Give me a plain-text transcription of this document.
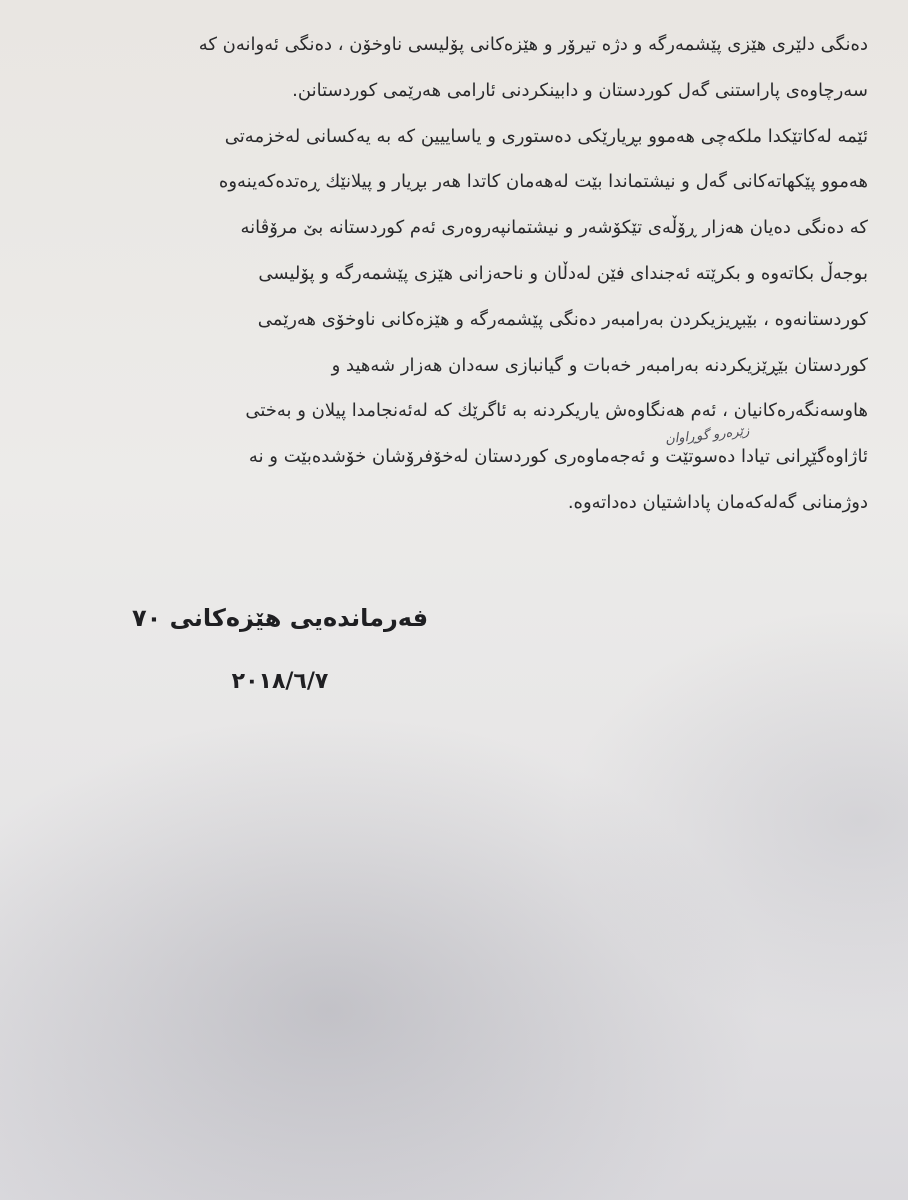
دەنگی دلێری هێزی پێشمەرگە و دژە تیرۆر و هێزەکانی پۆلیسی ناوخۆن ، دەنگی ئەوانەن کە
سەرچاوەی پاراستنی گەل کوردستان و دابینکردنی ئارامی هەرێمی کوردستانن.
ئێمە لەکاتێکدا ملکەچی هەموو بڕیارێکی دەستوری و یاساییین کە بە یەکسانی لەخزمەتی
هەموو پێکهاتەکانی گەل و نیشتماندا بێت لەهەمان کاتدا هەر بڕیار و پیلانێك ڕەتدەکەینەوە
کە دەنگی دەیان هەزار ڕۆڵەی تێکۆشەر و نیشتمانپەروەری ئەم کوردستانە بێ مرۆڤانە
بوجەڵ بکاتەوە و بکرێتە ئەجندای فێن لەدڵان و ناحەزانی هێزی پێشمەرگە و پۆلیسی
کوردستانەوە ، بێبڕیزیکردن بەرامبەر دەنگی پێشمەرگە و هێزەکانی ناوخۆی هەرێمی
کوردستان بێڕێزیکردنە بەرامبەر خەبات و گیانبازی سەدان هەزار شەهید و
هاوسەنگەرەکانیان ، ئەم هەنگاوەش یاریکردنە بە ئاگرێك کە لەئەنجامدا پیلان و بەختی
ئاژاوەگێڕانی تیادا دەسوتێت و ئەجەماوەری کوردستان لەخۆفرۆشان خۆشدەبێت و نە
دوژمنانی گەلەکەمان پاداشتیان دەداتەوە.
زێرەرو گوڕاوان
فەرماندەیی هێزەکانی ٧٠
٢٠١٨/٦/٧
